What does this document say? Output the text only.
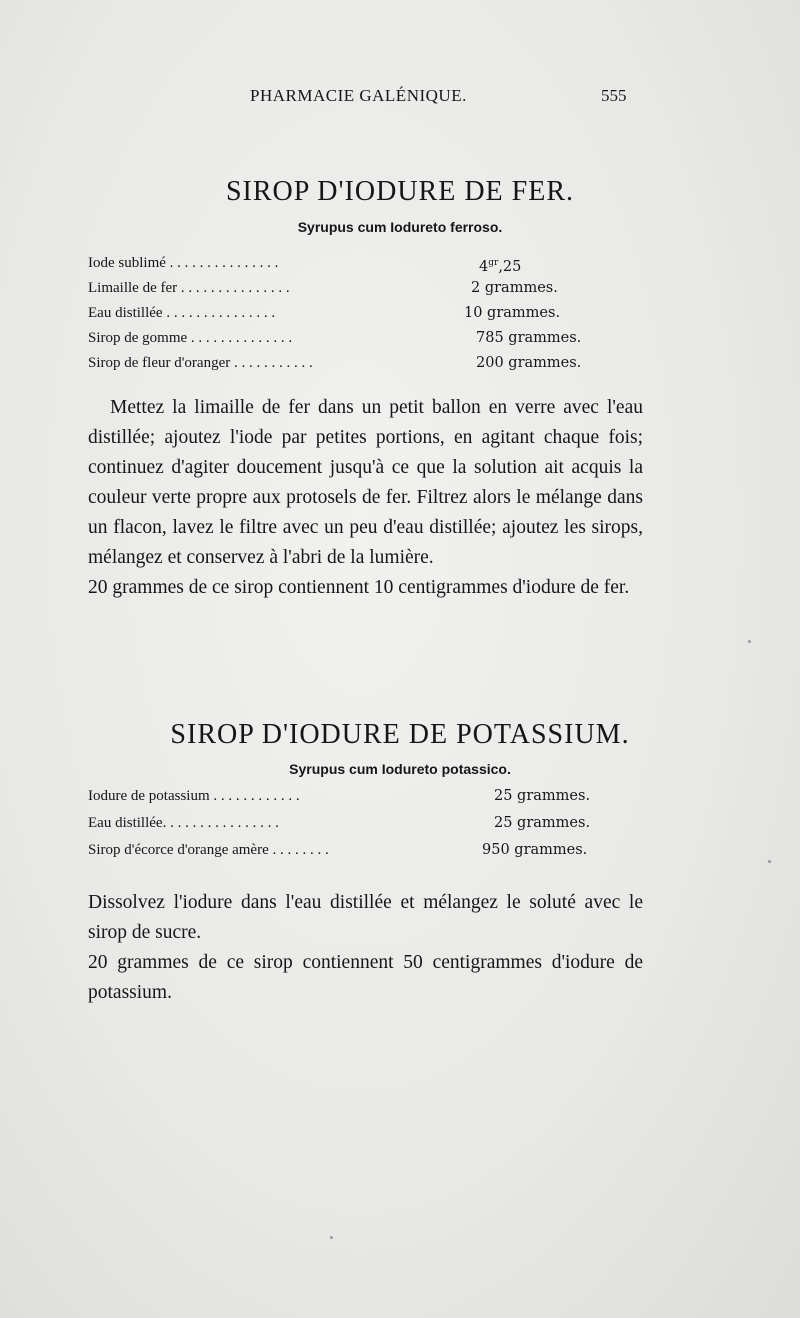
PHARMACIE GALÉNIQUE.	555
SIROP D'IODURE DE FER.
Syrupus cum Iodureto ferroso.
Iode sublimé . . . . . . . . . . . . . . .	$4^{gr},25$
Limaille de fer . . . . . . . . . . . . . . .	2 grammes.
Eau distillée . . . . . . . . . . . . . . .	10 grammes.
Sirop de gomme . . . . . . . . . . . . . .	785 grammes.
Sirop de fleur d'oranger . . . . . . . . . . .	200 grammes.

Mettez la limaille de fer dans un petit ballon en verre avec l'eau distillée; ajoutez l'iode par petites portions, en agitant chaque fois; continuez d'agiter doucement jusqu'à ce que la solution ait acquis la couleur verte propre aux protosels de fer. Filtrez alors le mélange dans un flacon, lavez le filtre avec un peu d'eau distillée; ajoutez les sirops, mélangez et conservez à l'abri de la lumière.

20 grammes de ce sirop contiennent 10 centigrammes d'iodure de fer.

SIROP D'IODURE DE POTASSIUM.
Syrupus cum Iodureto potassico.
Iodure de potassium . . . . . . . . . . . .	25 grammes.
Eau distillée. . . . . . . . . . . . . . . .	25 grammes.
Sirop d'écorce d'orange amère . . . . . . . .	950 grammes.

Dissolvez l'iodure dans l'eau distillée et mélangez le soluté avec le sirop de sucre.

20 grammes de ce sirop contiennent 50 centigrammes d'iodure de potassium.
